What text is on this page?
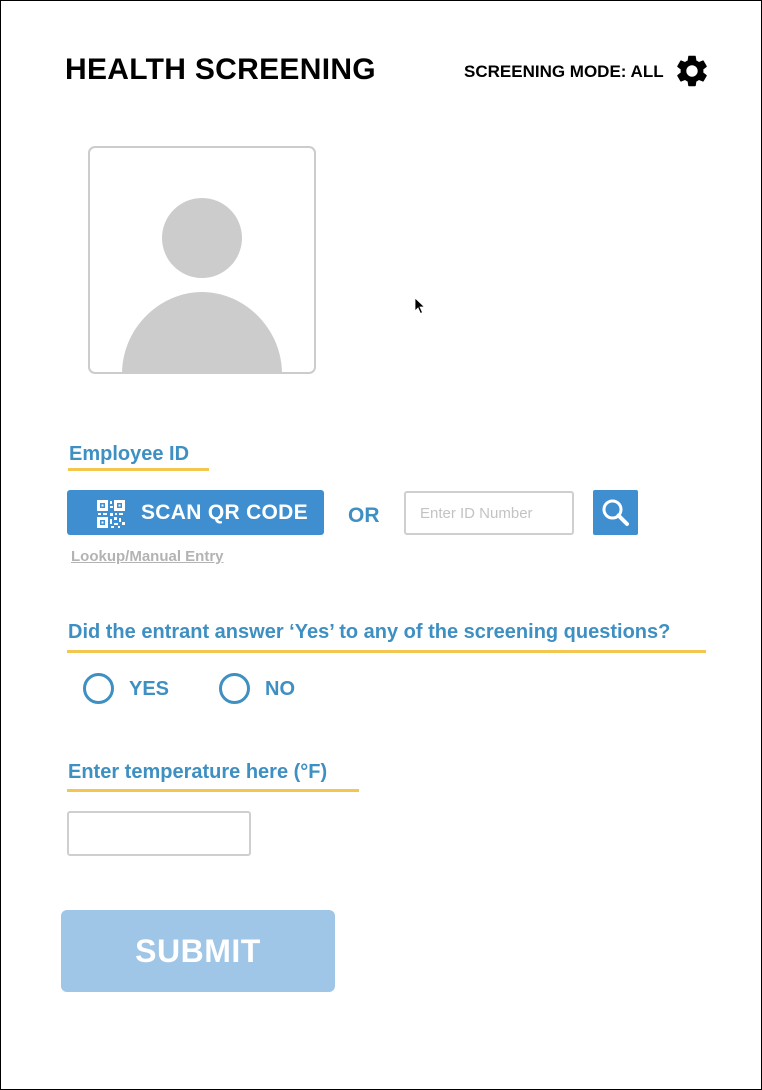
HEALTH SCREENING	SCREENING MODE: ALL
Employee ID
SCAN QR CODE OR
Enter ID Number
Lookup/Manual Entry
Did the entrant answer ‘Yes’ to any of the screening questions?
YES	NO
Enter temperature here (°F)
SUBMIT
